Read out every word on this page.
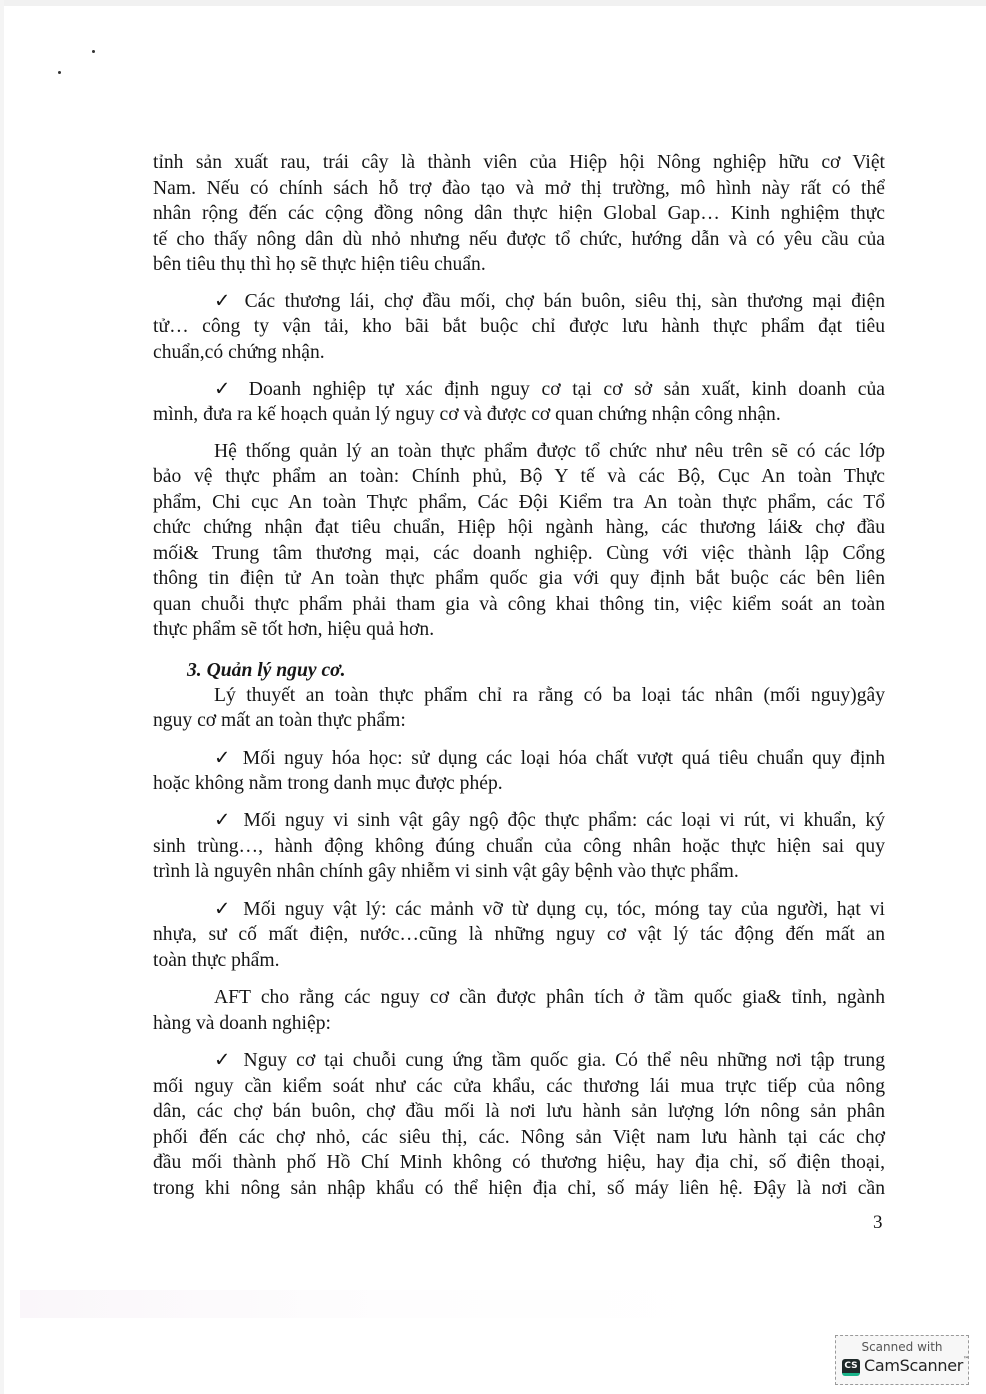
tỉnh sản xuất rau, trái cây là thành viên của Hiệp hội Nông nghiệp hữu cơ Việt
Nam. Nếu có chính sách hỗ trợ đào tạo và mở thị trường, mô hình này rất có thể
nhân rộng đến các cộng đồng nông dân thực hiện Global Gap… Kinh nghiệm thực
tế cho thấy nông dân dù nhỏ nhưng nếu được tổ chức, hướng dẫn và có yêu cầu của
bên tiêu thụ thì họ sẽ thực hiện tiêu chuẩn.
✓ Các thương lái, chợ đầu mối, chợ bán buôn, siêu thị, sàn thương mại điện
tử… công ty vận tải, kho bãi bắt buộc chỉ được lưu hành thực phẩm đạt tiêu
chuẩn,có chứng nhận.
✓ Doanh nghiệp tự xác định nguy cơ tại cơ sở sản xuất, kinh doanh của
mình, đưa ra kế hoạch quản lý nguy cơ và được cơ quan chứng nhận công nhận.
Hệ thống quản lý an toàn thực phẩm được tổ chức như nêu trên sẽ có các lớp
bảo vệ thực phẩm an toàn: Chính phủ, Bộ Y tế và các Bộ, Cục An toàn Thực
phẩm, Chi cục An toàn Thực phẩm, Các Đội Kiểm tra An toàn thực phẩm, các Tổ
chức chứng nhận đạt tiêu chuẩn, Hiệp hội ngành hàng, các thương lái& chợ đầu
mối& Trung tâm thương mại, các doanh nghiệp. Cùng với việc thành lập Cổng
thông tin điện tử An toàn thực phẩm quốc gia với quy định bắt buộc các bên liên
quan chuỗi thực phẩm phải tham gia và công khai thông tin, việc kiểm soát an toàn
thực phẩm sẽ tốt hơn, hiệu quả hơn.
Lý thuyết an toàn thực phẩm chỉ ra rằng có ba loại tác nhân (mối nguy)gây
nguy cơ mất an toàn thực phẩm:
✓ Mối nguy hóa học: sử dụng các loại hóa chất vượt quá tiêu chuẩn quy định
hoặc không nằm trong danh mục được phép.
✓ Mối nguy vi sinh vật gây ngộ độc thực phẩm: các loại vi rút, vi khuẩn, ký
sinh trùng…, hành động không đúng chuẩn của công nhân hoặc thực hiện sai quy
trình là nguyên nhân chính gây nhiễm vi sinh vật gây bệnh vào thực phẩm.
✓ Mối nguy vật lý: các mảnh vỡ từ dụng cụ, tóc, móng tay của người, hạt vi
nhựa, sư cố mất điện, nước…cũng là những nguy cơ vật lý tác động đến mất an
toàn thực phẩm.
AFT cho rằng các nguy cơ cần được phân tích ở tầm quốc gia& tỉnh, ngành
hàng và doanh nghiệp:
✓ Nguy cơ tại chuỗi cung ứng tầm quốc gia. Có thể nêu những nơi tập trung
mối nguy cần kiểm soát như các cửa khẩu, các thương lái mua trực tiếp của nông
dân, các chợ bán buôn, chợ đầu mối là nơi lưu hành sản lượng lớn nông sản phân
phối đến các chợ nhỏ, các siêu thị, các. Nông sản Việt nam lưu hành tại các chợ
đầu mối thành phố Hồ Chí Minh không có thương hiệu, hay địa chỉ, số điện thoại,
trong khi nông sản nhập khẩu có thể hiện địa chỉ, số máy liên hệ. Đậy là nơi cần
3. Quản lý nguy cơ.
3
Scanned with
CS CamScanner™
